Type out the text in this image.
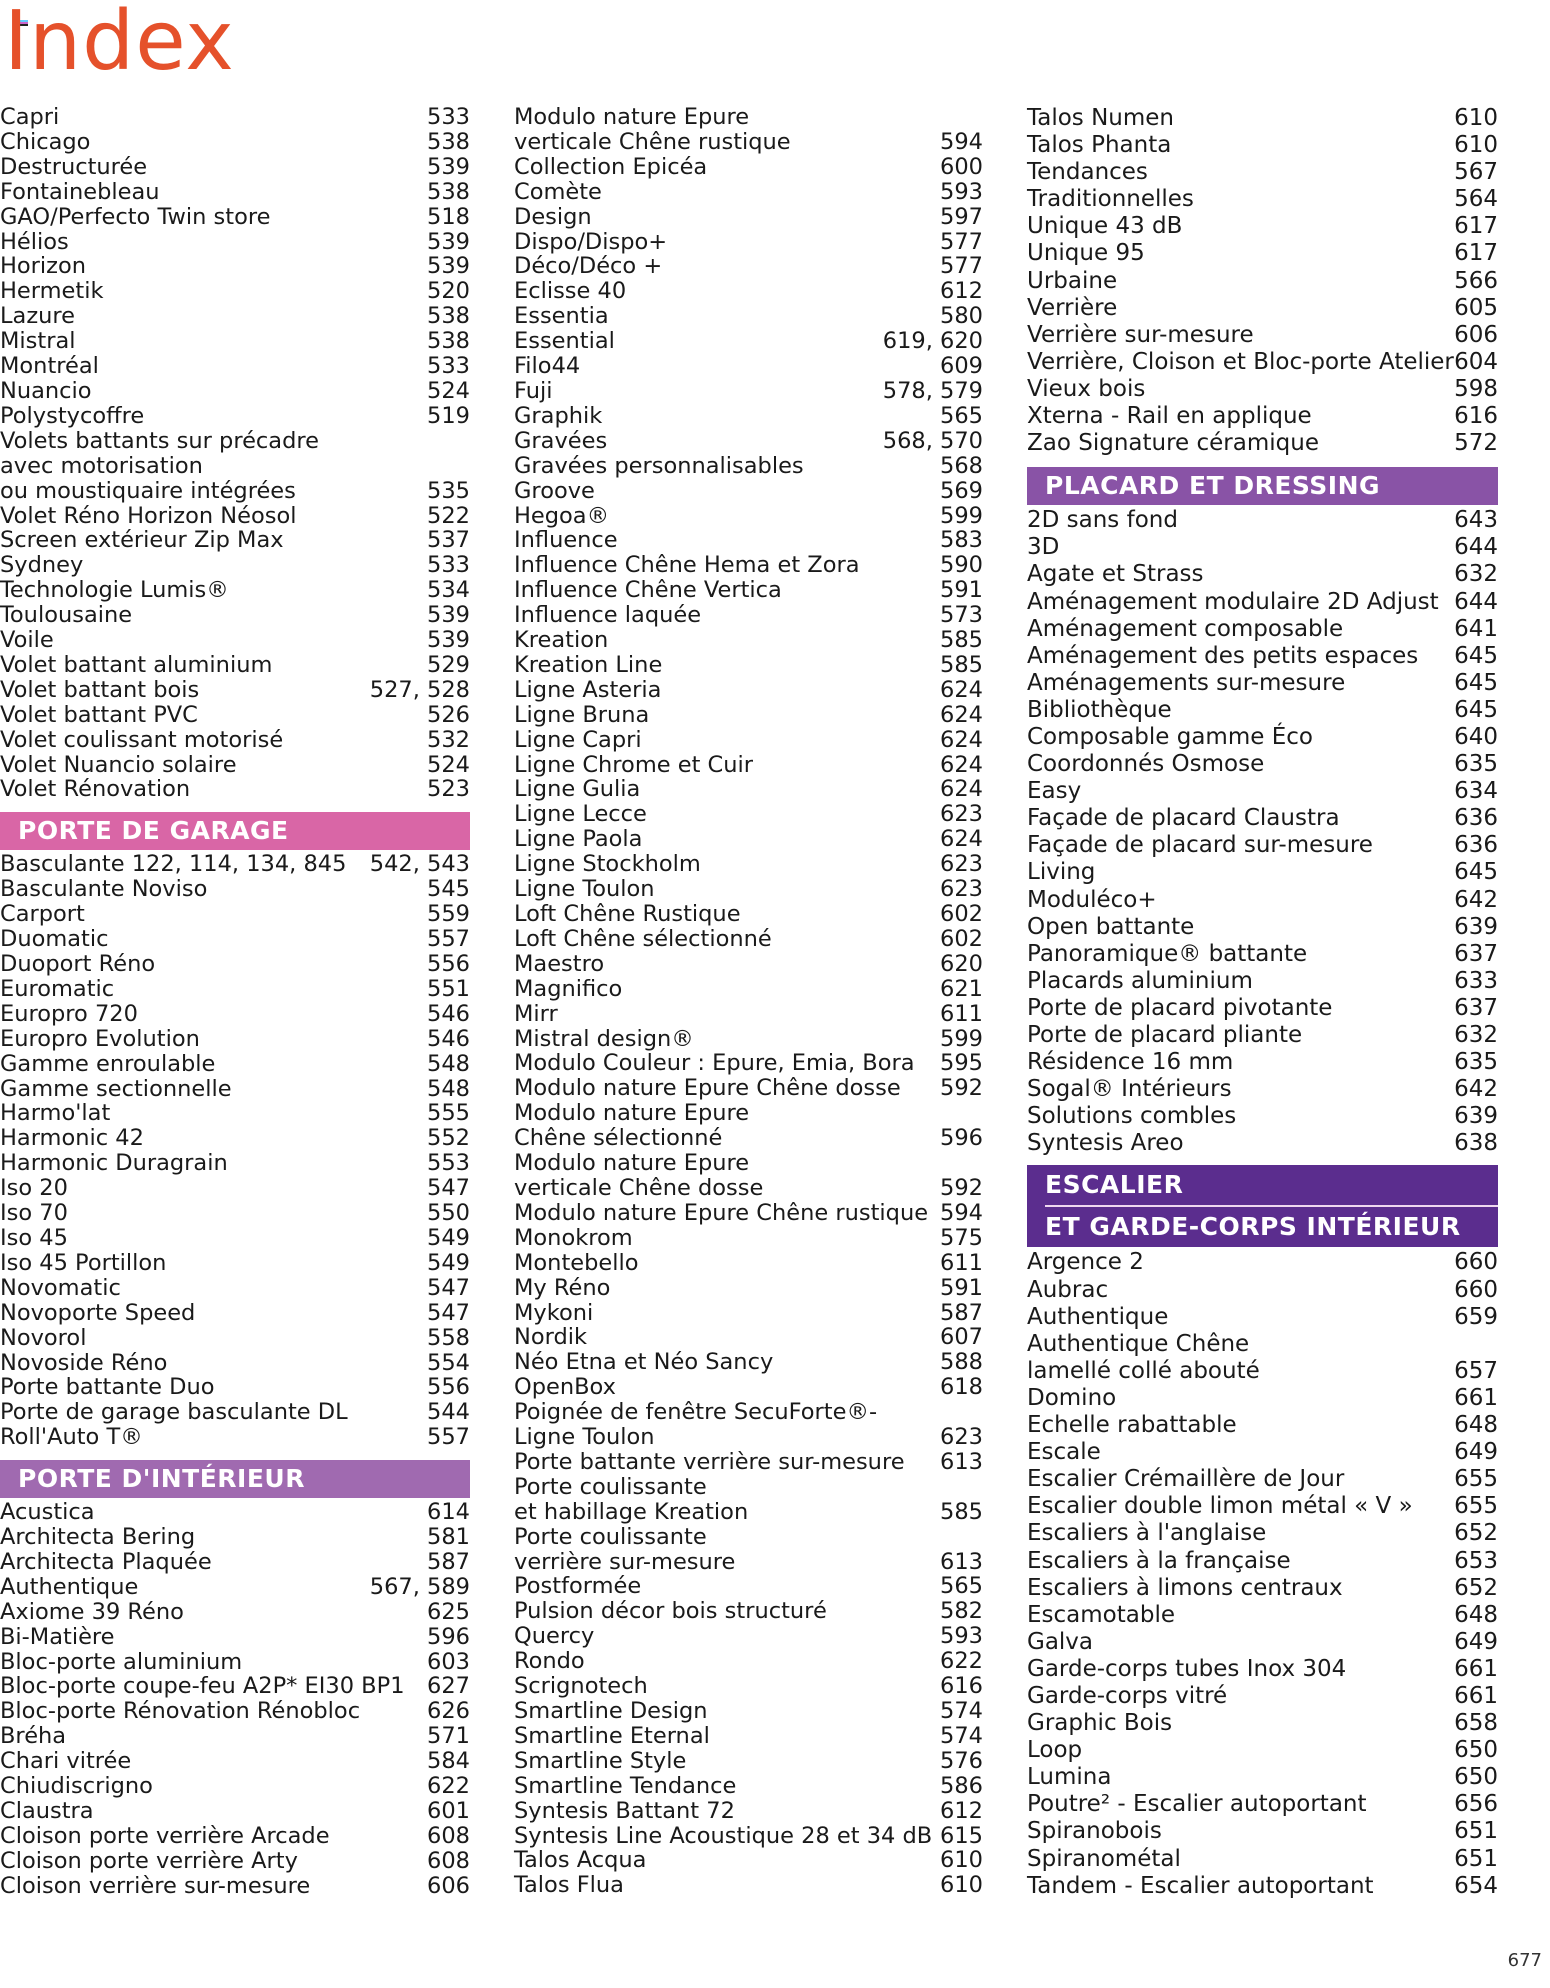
Index
Capri	533
Chicago	538
Destructurée	539
Fontainebleau	538
GAO/Perfecto Twin store	518
Hélios	539
Horizon	539
Hermetik	520
Lazure	538
Mistral	538
Montréal	533
Nuancio	524
Polystycoffre	519
Volets battants sur précadre
avec motorisation
ou moustiquaire intégrées	535
Volet Réno Horizon Néosol	522
Screen extérieur Zip Max	537
Sydney	533
Technologie Lumis®	534
Toulousaine	539
Voile	539
Volet battant aluminium	529
Volet battant bois	527, 528
Volet battant PVC	526
Volet coulissant motorisé	532
Volet Nuancio solaire	524
Volet Rénovation	523
PORTE DE GARAGE
Basculante 122, 114, 134, 845 542, 543
Basculante Noviso	545
Carport	559
Duomatic	557
Duoport Réno	556
Euromatic	551
Europro 720	546
Europro Evolution	546
Gamme enroulable	548
Gamme sectionnelle	548
Harmo'lat	555
Harmonic 42	552
Harmonic Duragrain	553
Iso 20	547
Iso 70	550
Iso 45	549
Iso 45 Portillon	549
Novomatic	547
Novoporte Speed	547
Novorol	558
Novoside Réno	554
Porte battante Duo	556
Porte de garage basculante DL	544
Roll'Auto T®	557
PORTE D'INTÉRIEUR
Acustica	614
Architecta Bering	581
Architecta Plaquée	587
Authentique	567, 589
Axiome 39 Réno	625
Bi-Matière	596
Bloc-porte aluminium	603
Bloc-porte coupe-feu A2P* EI30 BP1 627
Bloc-porte Rénovation Rénobloc	626
Bréha	571
Chari vitrée	584
Chiudiscrigno	622
Claustra	601
Cloison porte verrière Arcade	608
Cloison porte verrière Arty	608
Cloison verrière sur-mesure	606
Modulo nature Epure
verticale Chêne rustique	594
Collection Epicéa	600
Comète	593
Design	597
Dispo/Dispo+	577
Déco/Déco +	577
Eclisse 40	612
Essentia	580
Essential	619, 620
Filo44	609
Fuji	578, 579
Graphik	565
Gravées	568, 570
Gravées personnalisables	568
Groove	569
Hegoa®	599
Influence	583
Influence Chêne Hema et Zora	590
Influence Chêne Vertica	591
Influence laquée	573
Kreation	585
Kreation Line	585
Ligne Asteria	624
Ligne Bruna	624
Ligne Capri	624
Ligne Chrome et Cuir	624
Ligne Gulia	624
Ligne Lecce	623
Ligne Paola	624
Ligne Stockholm	623
Ligne Toulon	623
Loft Chêne Rustique	602
Loft Chêne sélectionné	602
Maestro	620
Magnifico	621
Mirr	611
Mistral design®	599
Modulo Couleur : Epure, Emia, Bora 595
Modulo nature Epure Chêne dosse 592
Modulo nature Epure
Chêne sélectionné	596
Modulo nature Epure
verticale Chêne dosse	592
Modulo nature Epure Chêne rustique 594
Monokrom	575
Montebello	611
My Réno	591
Mykoni	587
Nordik	607
Néo Etna et Néo Sancy	588
OpenBox	618
Poignée de fenêtre SecuForte®-
Ligne Toulon	623
Porte battante verrière sur-mesure 613
Porte coulissante
et habillage Kreation	585
Porte coulissante
verrière sur-mesure	613
Postformée	565
Pulsion décor bois structuré	582
Quercy	593
Rondo	622
Scrignotech	616
Smartline Design	574
Smartline Eternal	574
Smartline Style	576
Smartline Tendance	586
Syntesis Battant 72	612
Syntesis Line Acoustique 28 et 34 dB 615
Talos Acqua	610
Talos Flua	610
Talos Numen	610
Talos Phanta	610
Tendances	567
Traditionnelles	564
Unique 43 dB	617
Unique 95	617
Urbaine	566
Verrière	605
Verrière sur-mesure	606
Verrière, Cloison et Bloc-porte Atelier 604
Vieux bois	598
Xterna - Rail en applique	616
Zao Signature céramique	572
PLACARD ET DRESSING
2D sans fond	643
3D	644
Agate et Strass	632
Aménagement modulaire 2D Adjust 644
Aménagement composable	641
Aménagement des petits espaces 645
Aménagements sur-mesure	645
Bibliothèque	645
Composable gamme Éco	640
Coordonnés Osmose	635
Easy	634
Façade de placard Claustra	636
Façade de placard sur-mesure	636
Living	645
Moduléco+	642
Open battante	639
Panoramique® battante	637
Placards aluminium	633
Porte de placard pivotante	637
Porte de placard pliante	632
Résidence 16 mm	635
Sogal® Intérieurs	642
Solutions combles	639
Syntesis Areo	638
ESCALIER
ET GARDE-CORPS INTÉRIEUR
Argence 2	660
Aubrac	660
Authentique	659
Authentique Chêne
lamellé collé abouté	657
Domino	661
Echelle rabattable	648
Escale	649
Escalier Crémaillère de Jour	655
Escalier double limon métal « V » 655
Escaliers à l'anglaise	652
Escaliers à la française	653
Escaliers à limons centraux	652
Escamotable	648
Galva	649
Garde-corps tubes Inox 304	661
Garde-corps vitré	661
Graphic Bois	658
Loop	650
Lumina	650
Poutre² - Escalier autoportant	656
Spiranobois	651
Spiranométal	651
Tandem - Escalier autoportant	654
677
